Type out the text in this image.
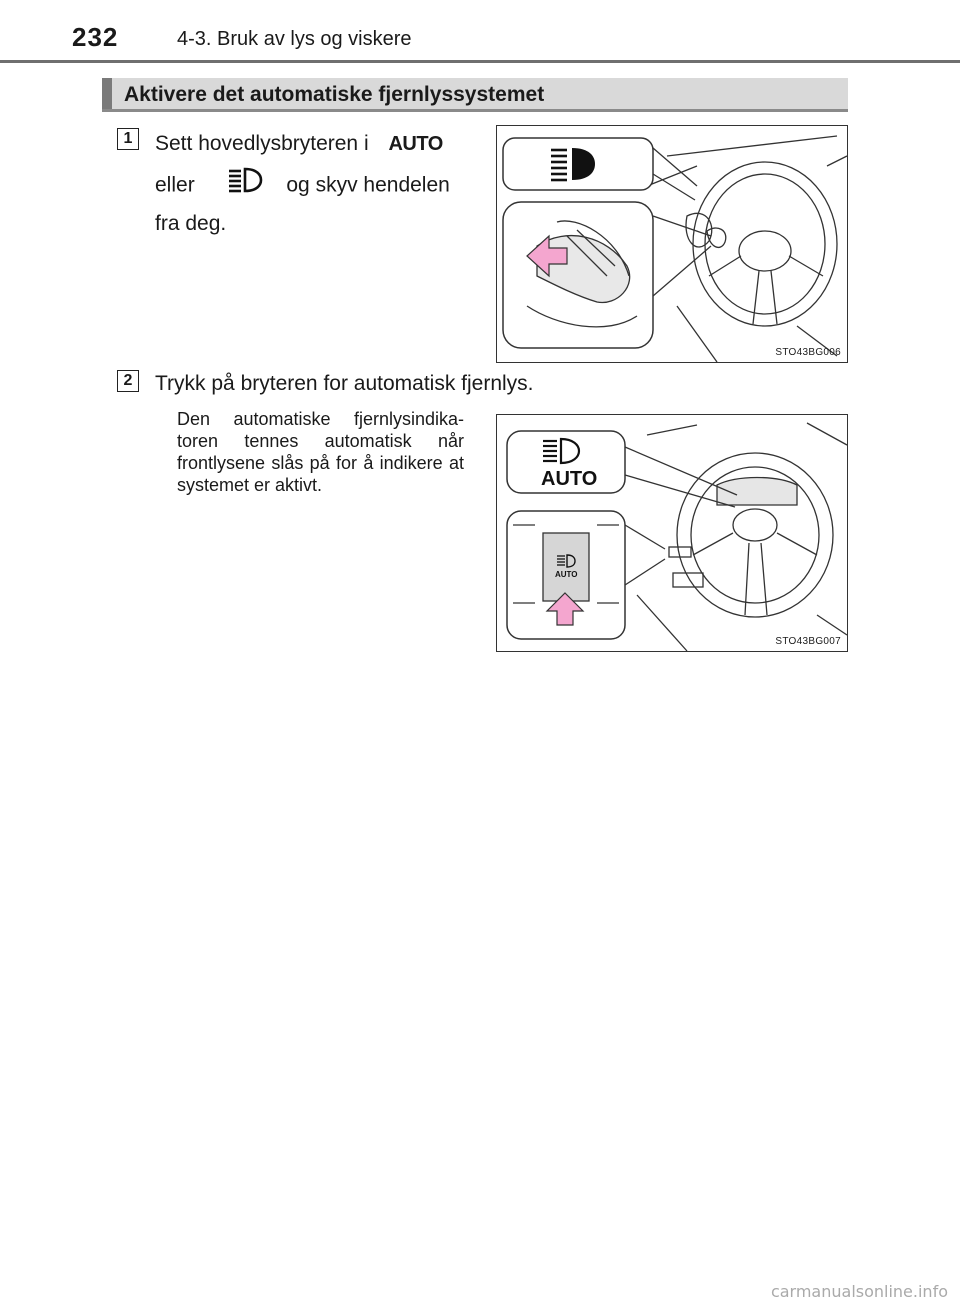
232	4-3. Bruk av lys og viskere
Aktivere det automatiske fjernlyssystemet
1	Sett hovedlysbryteren i AUTO
eller	og skyv hendelen
fra deg.
STO43BG006
2	Trykk på bryteren for automatisk fjernlys.
Den automatiske fjernlysindika-toren tennes automatisk når frontlysene slås på for å indikere at systemet er aktivt.	AUTO
AUTO
STO43BG007
carmanualsonline.info
